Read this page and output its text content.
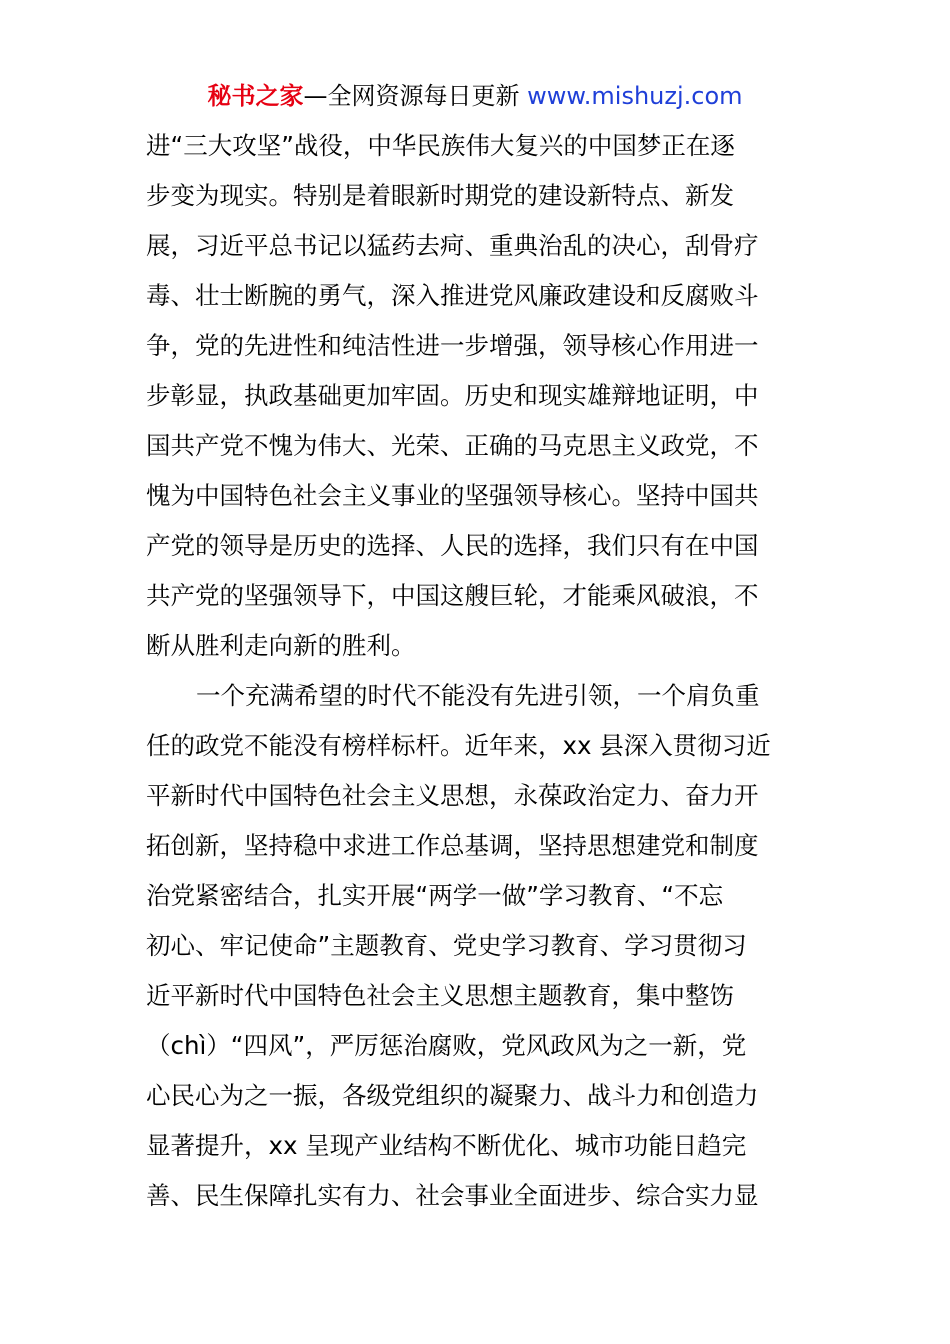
秘书之家—全网资源每日更新 www.mishuzj.com
进“三大攻坚”战役，中华民族伟大复兴的中国梦正在逐
步变为现实。特别是着眼新时期党的建设新特点、新发
展，习近平总书记以猛药去疴、重典治乱的决心，刮骨疗
毒、壮士断腕的勇气，深入推进党风廉政建设和反腐败斗
争，党的先进性和纯洁性进一步增强，领导核心作用进一
步彰显，执政基础更加牢固。历史和现实雄辩地证明，中
国共产党不愧为伟大、光荣、正确的马克思主义政党，不
愧为中国特色社会主义事业的坚强领导核心。坚持中国共
产党的领导是历史的选择、人民的选择，我们只有在中国
共产党的坚强领导下，中国这艘巨轮，才能乘风破浪，不
断从胜利走向新的胜利。
一个充满希望的时代不能没有先进引领，一个肩负重
任的政党不能没有榜样标杆。近年来，xx 县深入贯彻习近
平新时代中国特色社会主义思想，永葆政治定力、奋力开
拓创新，坚持稳中求进工作总基调，坚持思想建党和制度
治党紧密结合，扎实开展“两学一做”学习教育、“不忘
初心、牢记使命”主题教育、党史学习教育、学习贯彻习
近平新时代中国特色社会主义思想主题教育，集中整饬
（chì）“四风”，严厉惩治腐败，党风政风为之一新，党
心民心为之一振，各级党组织的凝聚力、战斗力和创造力
显著提升，xx 呈现产业结构不断优化、城市功能日趋完
善、民生保障扎实有力、社会事业全面进步、综合实力显
